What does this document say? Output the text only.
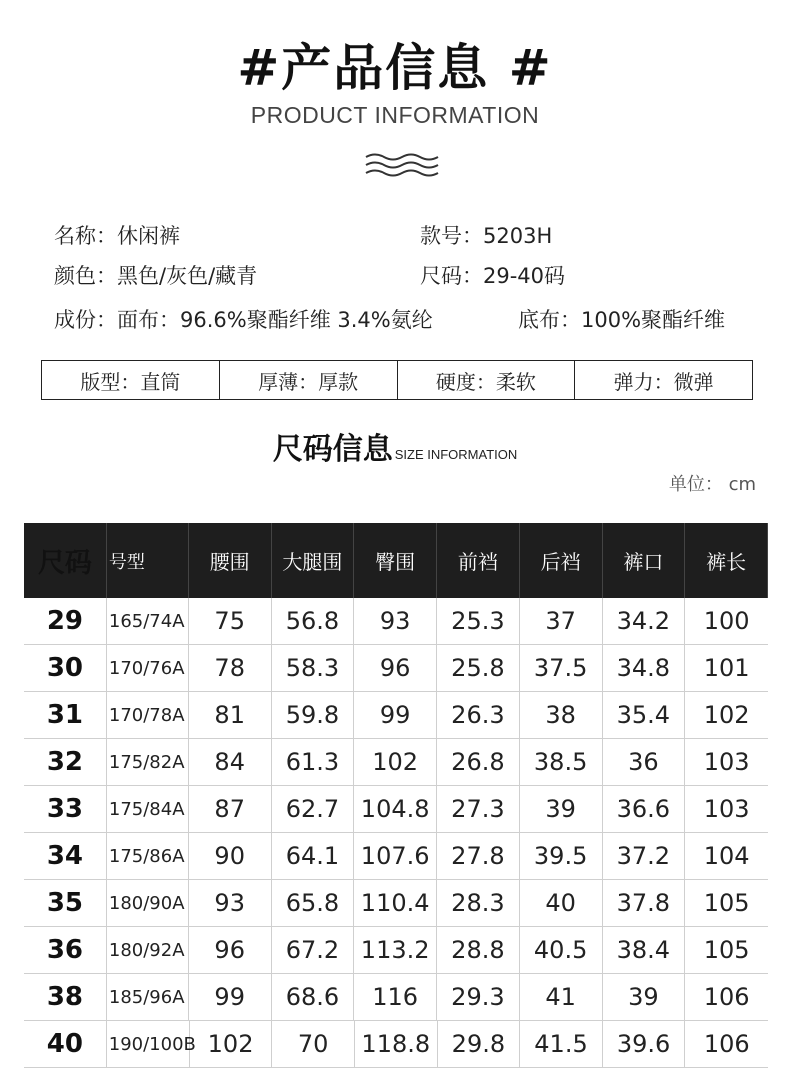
#产品信息 #
PRODUCT INFORMATION
名称：休闲裤	款号：5203H
颜色：黑色/灰色/藏青	尺码：29-40码
成份：面布：96.6%聚酯纤维 3.4%氨纶	底布：100%聚酯纤维
版型：直筒	厚薄：厚款	硬度：柔软	弹力：微弹
尺码信息 SIZE INFORMATION
单位： cm
尺码 号型	腰围	大腿围	臀围	前裆	后裆	裤口	裤长
29	165/74A	75	56.8	93	25.3	37	34.2	100
30	170/76A	78	58.3	96	25.8	37.5	34.8	101
31	170/78A	81	59.8	99	26.3	38	35.4	102
32	175/82A	84	61.3	102	26.8	38.5	36	103
33	175/84A	87	62.7 104.8 27.3	39	36.6	103
34	175/86A	90	64.1 107.6 27.8	39.5	37.2	104
35	180/90A	93	65.8 110.4 28.3	40	37.8	105
36	180/92A	96	67.2 113.2 28.8	40.5	38.4	105
38	185/96A	99	68.6	116	29.3	41	39	106
40	190/100B 102	70	118.8 29.8	41.5	39.6	106
